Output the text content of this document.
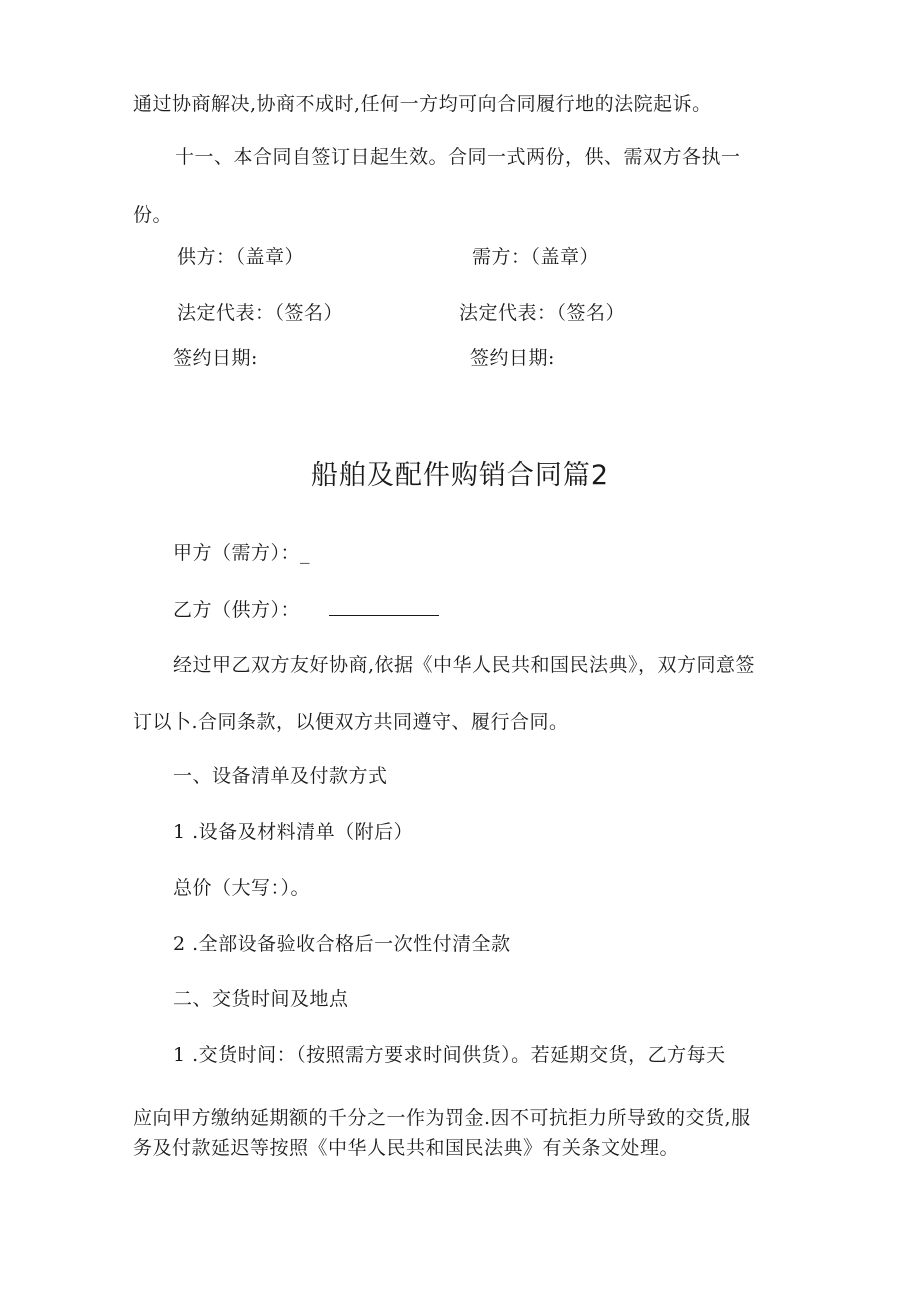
通过协商解决,协商不成时,任何一方均可向合同履行地的法院起诉。
十一、本合同自签订日起生效。合同一式两份，供、需双方各执一
份。
供方：（盖章）	需方：（盖章）
法定代表：（签名）	法定代表：（签名）
签约日期:	签约日期:
船舶及配件购销合同篇2
甲方（需方）：_
乙方（供方）：
经过甲乙双方友好协商,依据《中华人民共和国民法典》，双方同意签
订以卜.合同条款，以便双方共同遵守、履行合同。
一、设备清单及付款方式
1 .设备及材料清单（附后）
总价（大写：）。
2 .全部设备验收合格后一次性付清全款
二、交货时间及地点
1 .交货时间：（按照需方要求时间供货）。若延期交货，乙方每天
应向甲方缴纳延期额的千分之一作为罚金.因不可抗拒力所导致的交货,服
务及付款延迟等按照《中华人民共和国民法典》有关条文处理。
